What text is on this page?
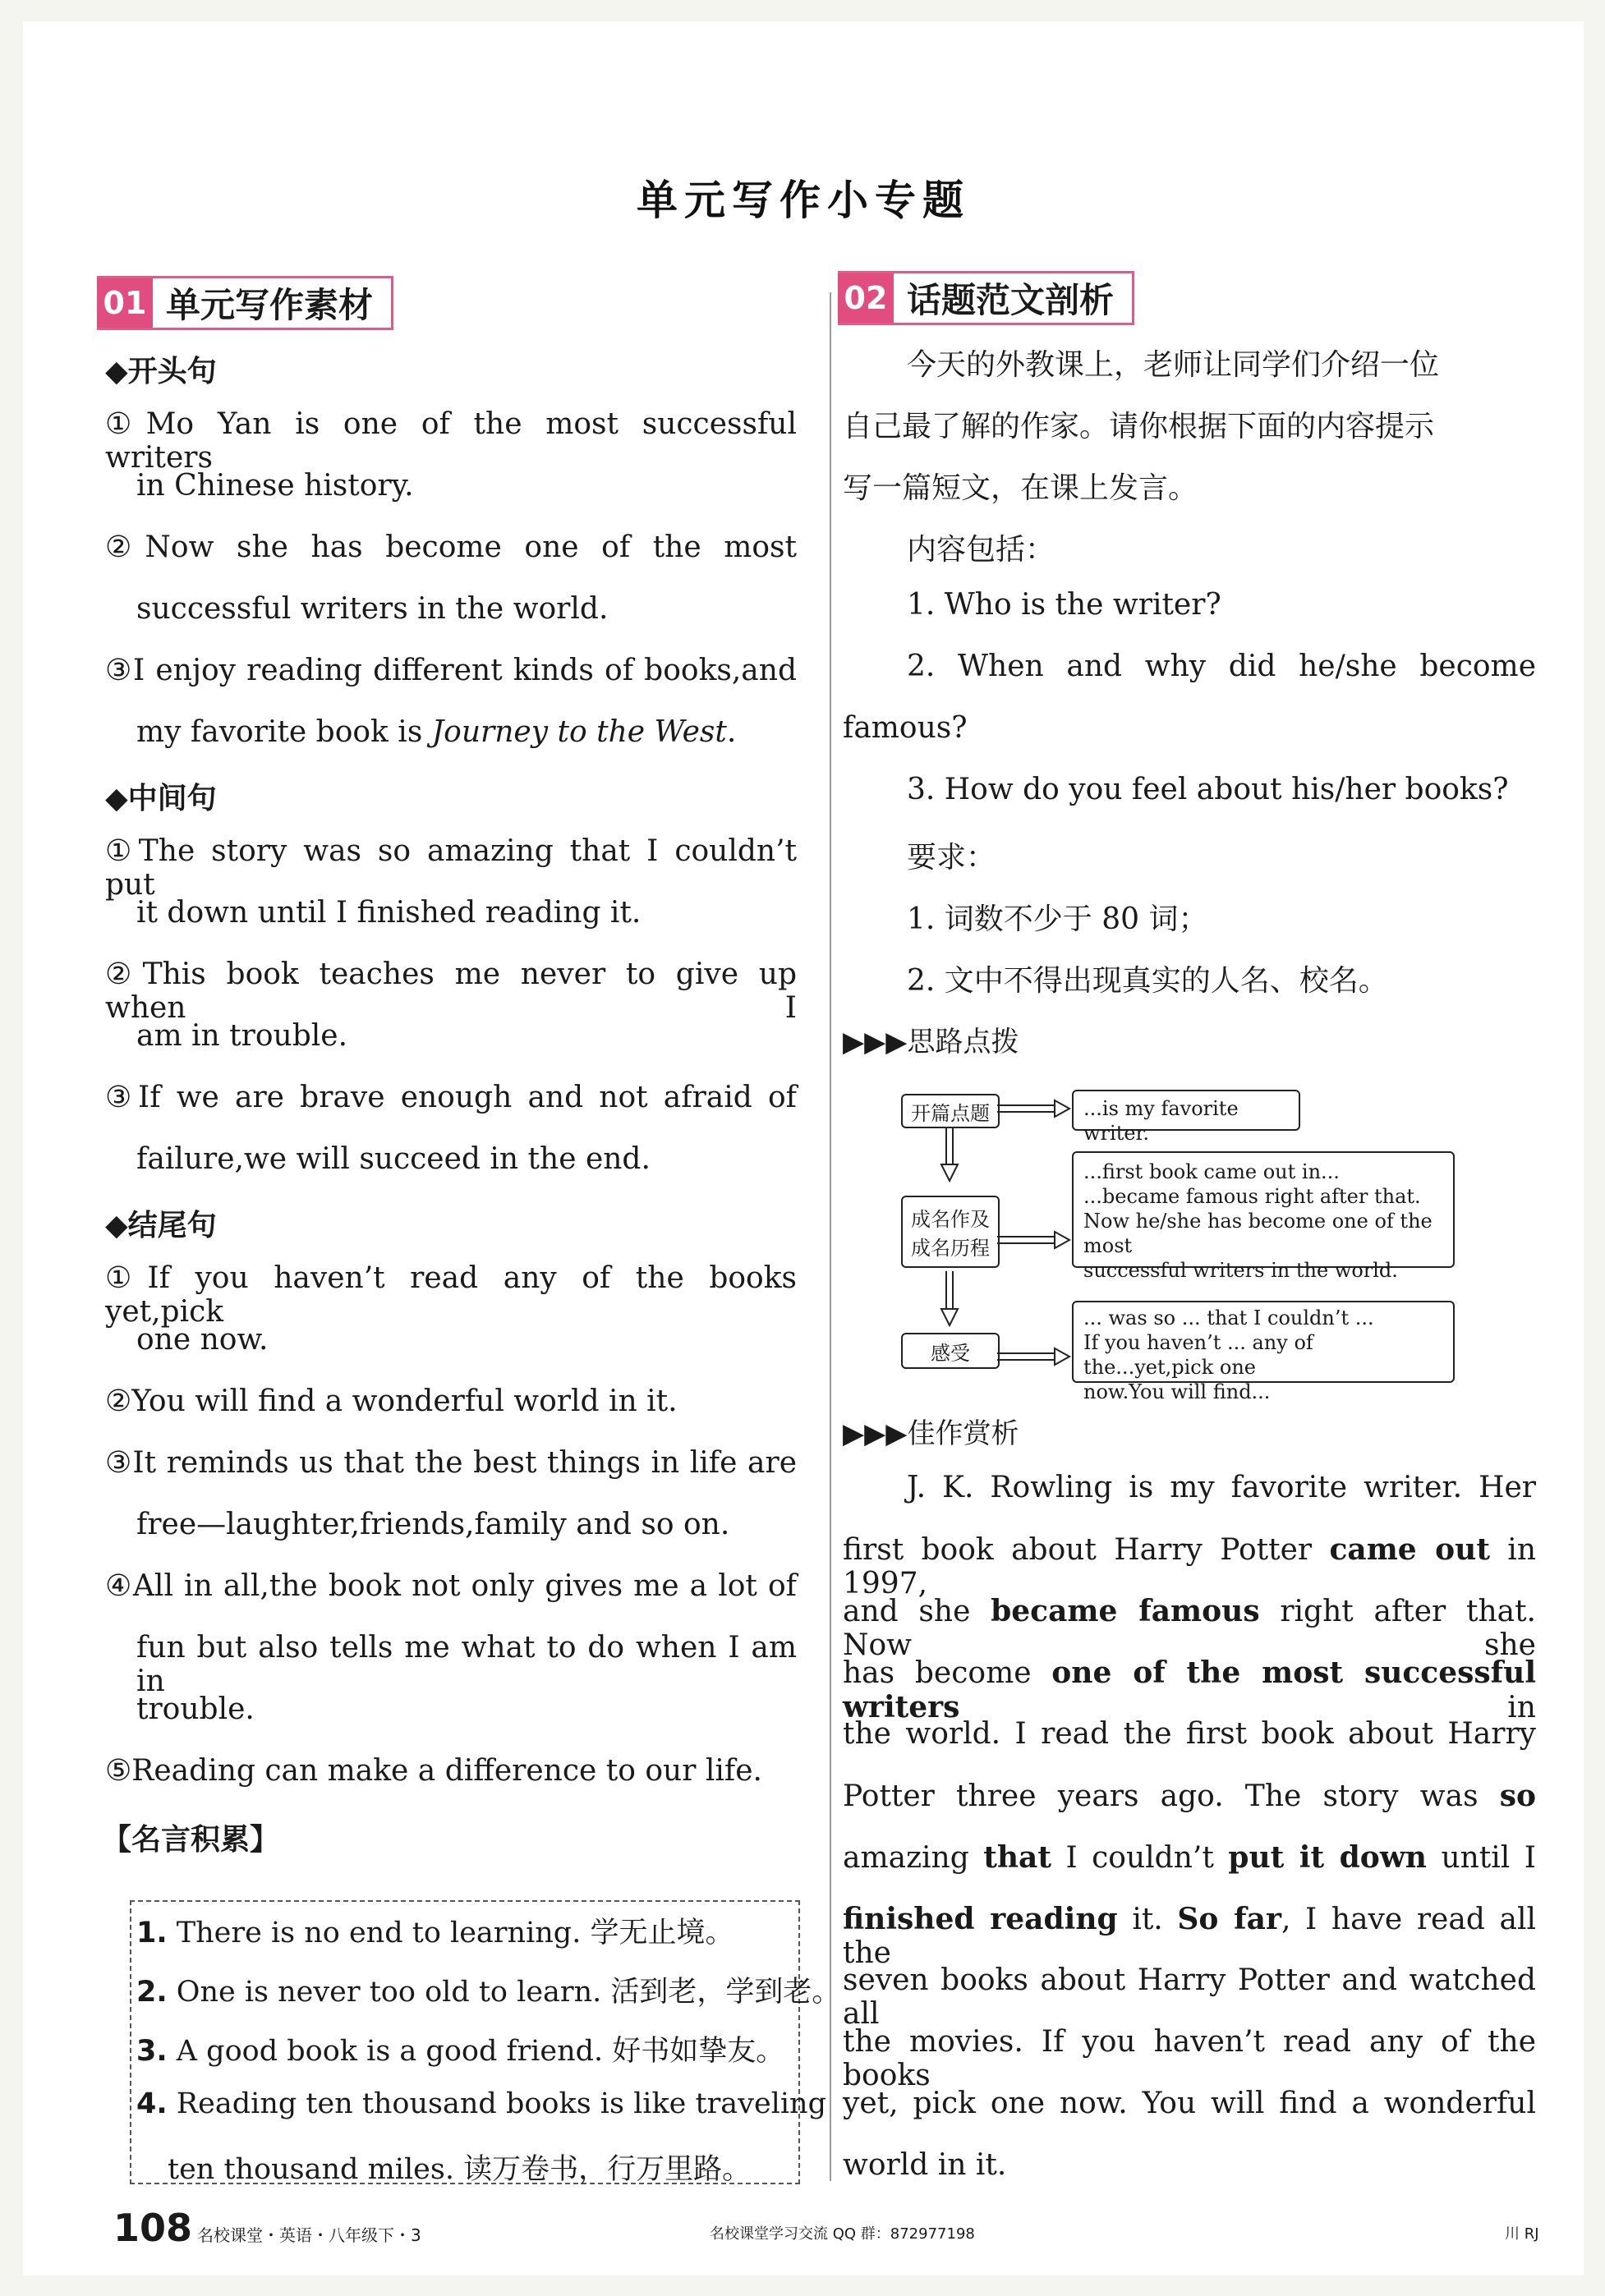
单元写作小专题
01 单元写作素材
◆开头句
①Mo Yan is one of the most successful writers
in Chinese history.
②Now she has become one of the most
successful writers in the world.
③I enjoy reading different kinds of books,and
my favorite book is Journey to the West.
◆中间句
①The story was so amazing that I couldn’t put
it down until I finished reading it.
②This book teaches me never to give up when I
am in trouble.
③If we are brave enough and not afraid of
failure,we will succeed in the end.
◆结尾句
①If you haven’t read any of the books yet,pick
one now.
②You will find a wonderful world in it.
③It reminds us that the best things in life are
free—laughter,friends,family and so on.
④All in all,the book not only gives me a lot of
fun but also tells me what to do when I am in
trouble.
⑤Reading can make a difference to our life.
【名言积累】
1. There is no end to learning. 学无止境。
2. One is never too old to learn. 活到老，学到老。
3. A good book is a good friend. 好书如挚友。
4. Reading ten thousand books is like traveling
ten thousand miles. 读万卷书，行万里路。
02 话题范文剖析
今天的外教课上，老师让同学们介绍一位
自己最了解的作家。请你根据下面的内容提示
写一篇短文，在课上发言。
内容包括：
1. Who is the writer?
2. When and why did he/she become
famous?
3. How do you feel about his/her books?
要求：
1. 词数不少于 80 词；
2. 文中不得出现真实的人名、校名。
▶▶▶思路点拨
开篇点题	...is my favorite writer.
成名作及成名历程
...first book came out in...
...became famous right after that.
Now he/she has become one of the most
successful writers in the world.
感受
... was so ... that I couldn’t ...
If you haven’t ... any of the...yet,pick one
now.You will find...
▶▶▶佳作赏析
J. K. Rowling is my favorite writer. Her
first book about Harry Potter came out in 1997,
and she became famous right after that. Now she
has become one of the most successful writers in
the world. I read the first book about Harry
Potter three years ago. The story was so
amazing that I couldn’t put it down until I
finished reading it. So far, I have read all the
seven books about Harry Potter and watched all
the movies. If you haven’t read any of the books
yet, pick one now. You will find a wonderful
world in it.
108 名校课堂・英语・八年级下・3	名校课堂学习交流 QQ 群：872977198	川 RJ
